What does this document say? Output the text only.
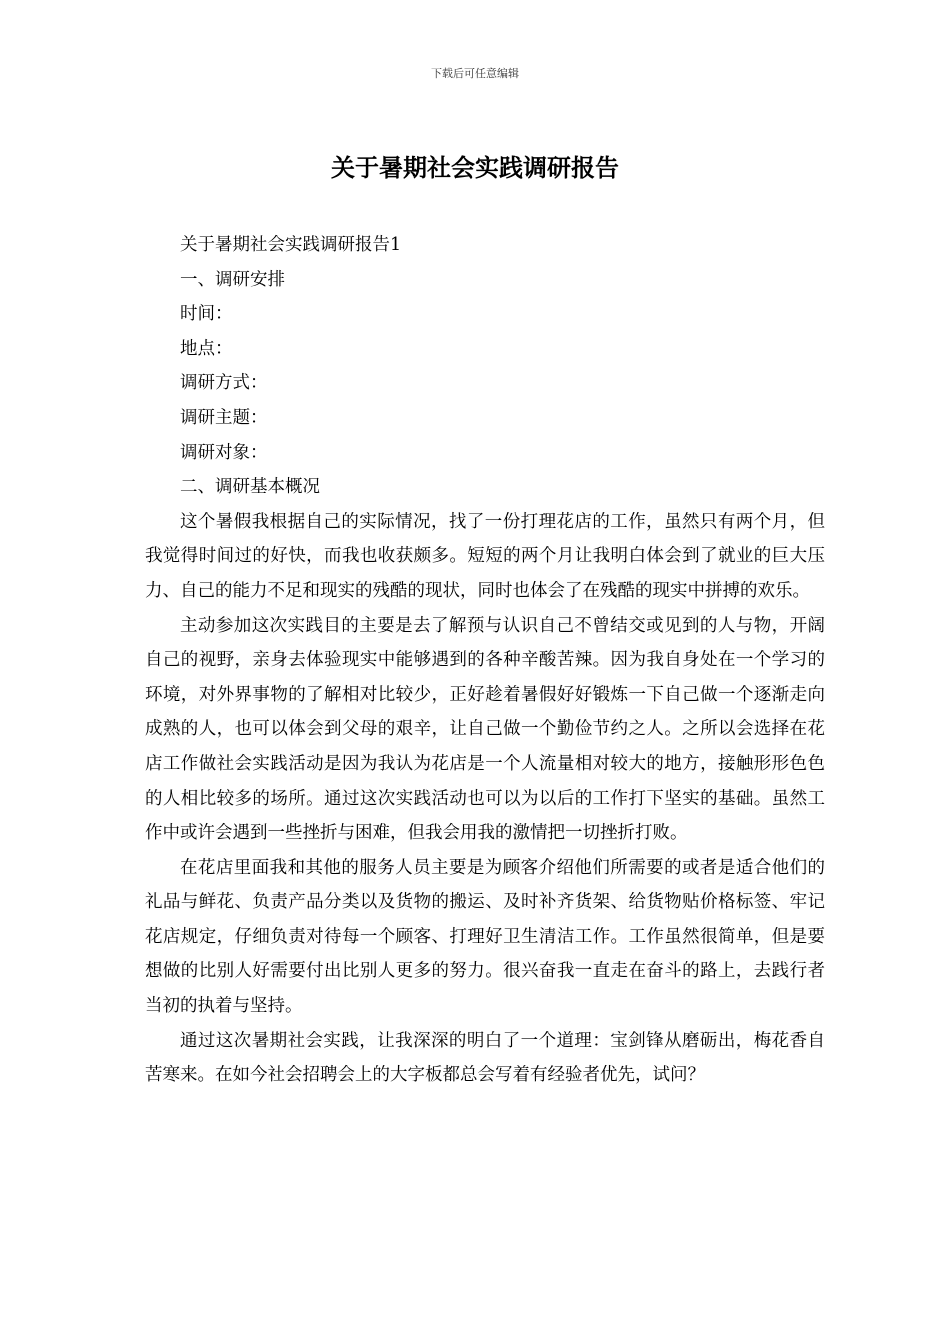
下载后可任意编辑
关于暑期社会实践调研报告

关于暑期社会实践调研报告1

一、调研安排

时间：

地点：

调研方式：

调研主题：

调研对象：

二、调研基本概况

这个暑假我根据自己的实际情况，找了一份打理花店的工作，虽然只有两个月，但我觉得时间过的好快，而我也收获颇多。短短的两个月让我明白体会到了就业的巨大压力、自己的能力不足和现实的残酷的现状，同时也体会了在残酷的现实中拼搏的欢乐。

主动参加这次实践目的主要是去了解预与认识自己不曾结交或见到的人与物，开阔自己的视野，亲身去体验现实中能够遇到的各种辛酸苦辣。因为我自身处在一个学习的环境，对外界事物的了解相对比较少，正好趁着暑假好好锻炼一下自己做一个逐渐走向成熟的人，也可以体会到父母的艰辛，让自己做一个勤俭节约之人。之所以会选择在花店工作做社会实践活动是因为我认为花店是一个人流量相对较大的地方，接触形形色色的人相比较多的场所。通过这次实践活动也可以为以后的工作打下坚实的基础。虽然工作中或许会遇到一些挫折与困难，但我会用我的激情把一切挫折打败。

在花店里面我和其他的服务人员主要是为顾客介绍他们所需要的或者是适合他们的礼品与鲜花、负责产品分类以及货物的搬运、及时补齐货架、给货物贴价格标签、牢记花店规定，仔细负责对待每一个顾客、打理好卫生清洁工作。工作虽然很简单，但是要想做的比别人好需要付出比别人更多的努力。很兴奋我一直走在奋斗的路上，去践行者当初的执着与坚持。

通过这次暑期社会实践，让我深深的明白了一个道理：宝剑锋从磨砺出，梅花香自苦寒来。在如今社会招聘会上的大字板都总会写着有经验者优先，试问？
